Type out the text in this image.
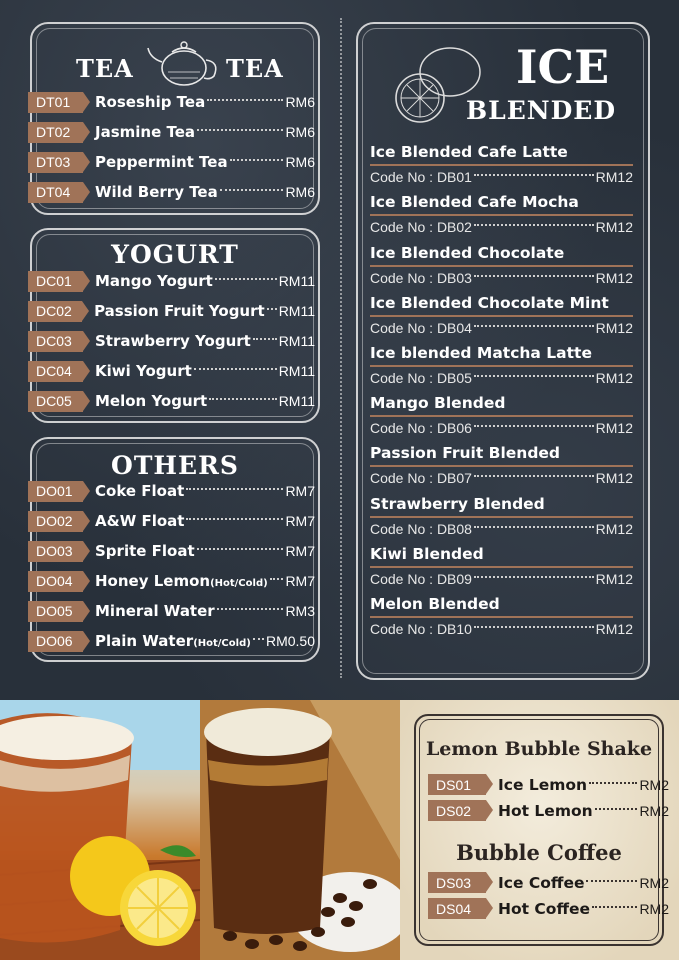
TEA	TEA
DT01	Roseship Tea	RM6
DT02	Jasmine Tea	RM6
DT03	Peppermint Tea	RM6
DT04	Wild Berry Tea	RM6
YOGURT
DC01	Mango Yogurt	RM11
DC02	Passion Fruit Yogurt RM11
DC03	Strawberry Yogurt RM11
DC04	Kiwi Yogurt	RM11
DC05	Melon Yogurt	RM11
OTHERS
DO01	Coke Float	RM7
DO02	A&W Float	RM7
DO03	Sprite Float	RM7
DO04	Honey Lemon(Hot/Cold) RM7
DO05	Mineral Water	RM3
DO06	Plain Water(Hot/Cold) RM0.50
ICE
BLENDED
Ice Blended Cafe Latte
Code No :
DB01	RM12
Ice Blended Cafe Mocha
Code No :
DB02	RM12
Ice Blended Chocolate
Code No :
DB03	RM12
Ice Blended Chocolate Mint
Code No :
DB04	RM12
Ice blended Matcha Latte
Code No :
DB05	RM12
Mango Blended
Code No :
DB06	RM12
Passion Fruit Blended
Code No :
DB07	RM12
Strawberry Blended
Code No :
DB08	RM12
Kiwi Blended
Code No :
DB09	RM12
Melon Blended
Code No :
DB10	RM12
Lemon Bubble Shake
DS01	Ice Lemon	RM2
DS02	Hot Lemon	RM2
Bubble Coffee
DS03	Ice Coffee	RM2
DS04	Hot Coffee	RM2
